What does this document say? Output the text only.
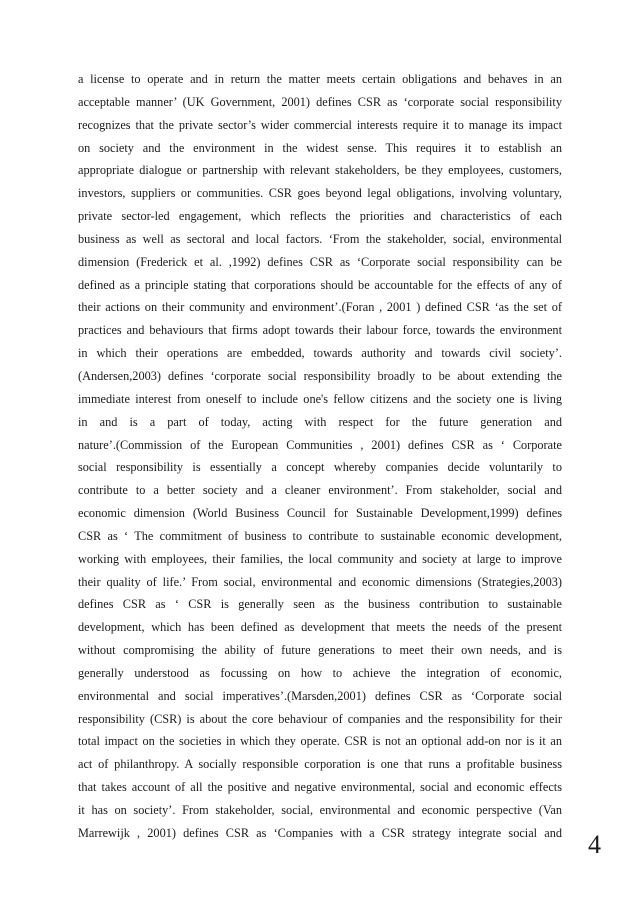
a license to operate and in return the matter meets certain obligations and behaves in an
acceptable manner’ (UK Government, 2001) defines CSR as ‘corporate social responsibility
recognizes that the private sector’s wider commercial interests require it to manage its impact
on society and the environment in the widest sense. This requires it to establish an
appropriate dialogue or partnership with relevant stakeholders, be they employees, customers,
investors, suppliers or communities. CSR goes beyond legal obligations, involving voluntary,
private sector-led engagement, which reflects the priorities and characteristics of each
business as well as sectoral and local factors. ‘From the stakeholder, social, environmental
dimension (Frederick et al. ,1992) defines CSR as ‘Corporate social responsibility can be
defined as a principle stating that corporations should be accountable for the effects of any of
their actions on their community and environment’.(Foran , 2001 ) defined CSR ‘as the set of
practices and behaviours that firms adopt towards their labour force, towards the environment
in which their operations are embedded, towards authority and towards civil society’.
(Andersen,2003) defines ‘corporate social responsibility broadly to be about extending the
immediate interest from oneself to include one's fellow citizens and the society one is living
in and is a part of today, acting with respect for the future generation and
nature’.(Commission of the European Communities , 2001) defines CSR as ‘ Corporate
social responsibility is essentially a concept whereby companies decide voluntarily to
contribute to a better society and a cleaner environment’. From stakeholder, social and
economic dimension (World Business Council for Sustainable Development,1999) defines
CSR as ‘ The commitment of business to contribute to sustainable economic development,
working with employees, their families, the local community and society at large to improve
their quality of life.’ From social, environmental and economic dimensions (Strategies,2003)
defines CSR as ‘ CSR is generally seen as the business contribution to sustainable
development, which has been defined as development that meets the needs of the present
without compromising the ability of future generations to meet their own needs, and is
generally understood as focussing on how to achieve the integration of economic,
environmental and social imperatives’.(Marsden,2001) defines CSR as ‘Corporate social
responsibility (CSR) is about the core behaviour of companies and the responsibility for their
total impact on the societies in which they operate. CSR is not an optional add-on nor is it an
act of philanthropy. A socially responsible corporation is one that runs a profitable business
that takes account of all the positive and negative environmental, social and economic effects
it has on society’. From stakeholder, social, environmental and economic perspective (Van
Marrewijk , 2001) defines CSR as ‘Companies with a CSR strategy integrate social and 4
